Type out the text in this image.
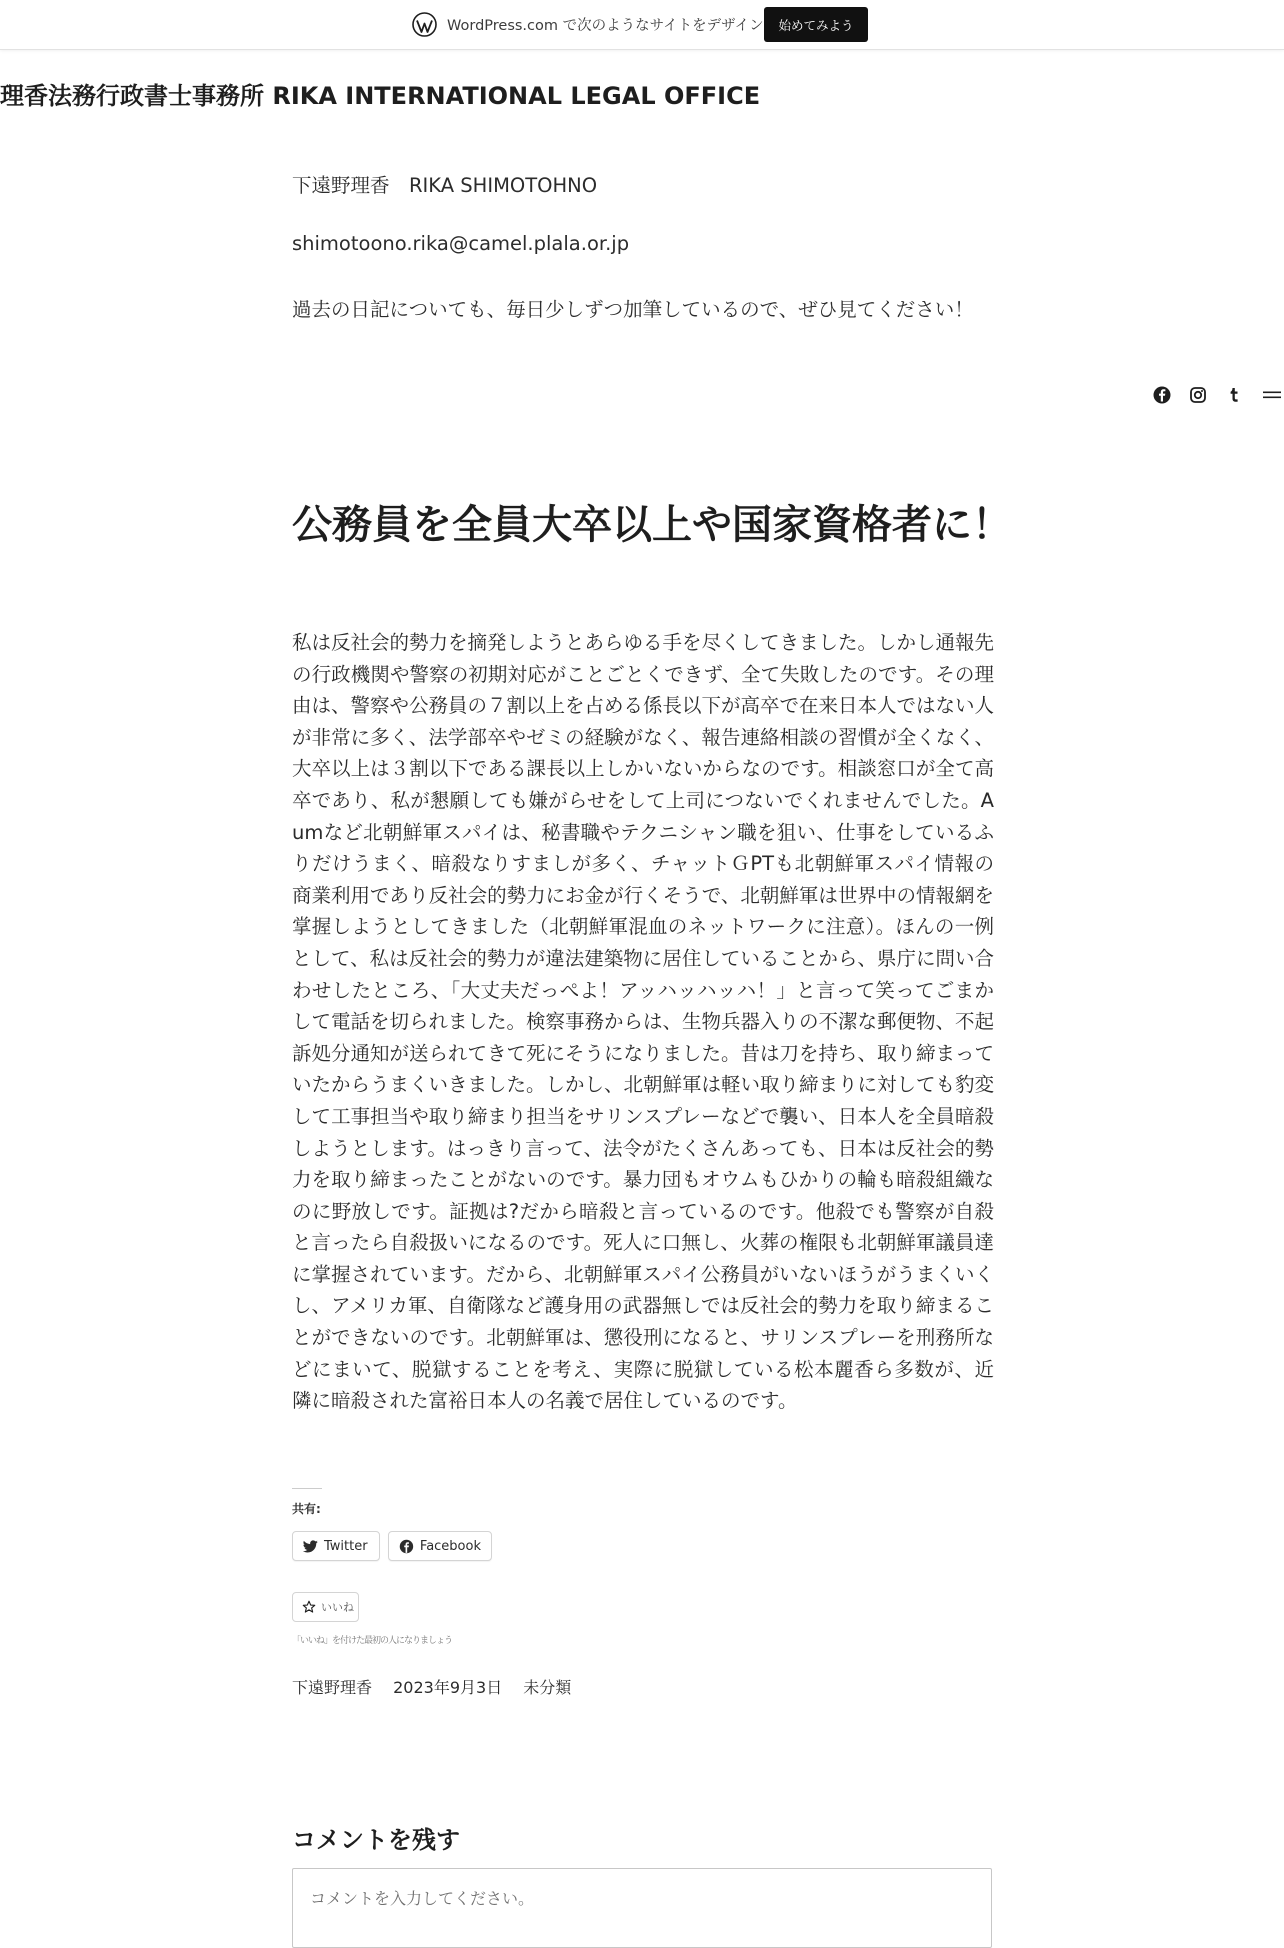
WordPress.com で次のようなサイトをデザイン	始めてみよう
理香法務行政書士事務所 RIKA INTERNATIONAL LEGAL OFFICE
下遠野理香　RIKA SHIMOTOHNO
shimotoono.rika@camel.plala.or.jp
過去の日記についても、毎日少しずつ加筆しているので、ぜひ見てください！
公務員を全員大卒以上や国家資格者に！

私は反社会的勢力を摘発しようとあらゆる手を尽くしてきました。しかし通報先の行政機関や警察の初期対応がことごとくできず、全て失敗したのです。その理由は、警察や公務員の７割以上を占める係長以下が高卒で在来日本人ではない人が非常に多く、法学部卒やゼミの経験がなく、報告連絡相談の習慣が全くなく、大卒以上は３割以下である課長以上しかいないからなのです。相談窓口が全て高卒であり、私が懇願しても嫌がらせをして上司につないでくれませんでした。Aumなど北朝鮮軍スパイは、秘書職やテクニシャン職を狙い、仕事をしているふりだけうまく、暗殺なりすましが多く、チャットＧPTも北朝鮮軍スパイ情報の商業利用であり反社会的勢力にお金が行くそうで、北朝鮮軍は世界中の情報網を掌握しようとしてきました（北朝鮮軍混血のネットワークに注意）。ほんの一例として、私は反社会的勢力が違法建築物に居住していることから、県庁に問い合わせしたところ、「大丈夫だっぺよ！アッハッハッハ！」と言って笑ってごまかして電話を切られました。検察事務からは、生物兵器入りの不潔な郵便物、不起訴処分通知が送られてきて死にそうになりました。昔は刀を持ち、取り締まっていたからうまくいきました。しかし、北朝鮮軍は軽い取り締まりに対しても豹変して工事担当や取り締まり担当をサリンスプレーなどで襲い、日本人を全員暗殺しようとします。はっきり言って、法令がたくさんあっても、日本は反社会的勢力を取り締まったことがないのです。暴力団もオウムもひかりの輪も暗殺組織なのに野放しです。証拠は?だから暗殺と言っているのです。他殺でも警察が自殺と言ったら自殺扱いになるのです。死人に口無し、火葬の権限も北朝鮮軍議員達に掌握されています。だから、北朝鮮軍スパイ公務員がいないほうがうまくいくし、アメリカ軍、自衛隊など護身用の武器無しでは反社会的勢力を取り締まることができないのです。北朝鮮軍は、懲役刑になると、サリンスプレーを刑務所などにまいて、脱獄することを考え、実際に脱獄している松本麗香ら多数が、近隣に暗殺された富裕日本人の名義で居住しているのです。

共有:
Twitter	Facebook
いいね
「いいね」を付けた最初の人になりましょう
下遠野理香 2023年9月3日 未分類
コメントを残す
コメントを入力してください。
